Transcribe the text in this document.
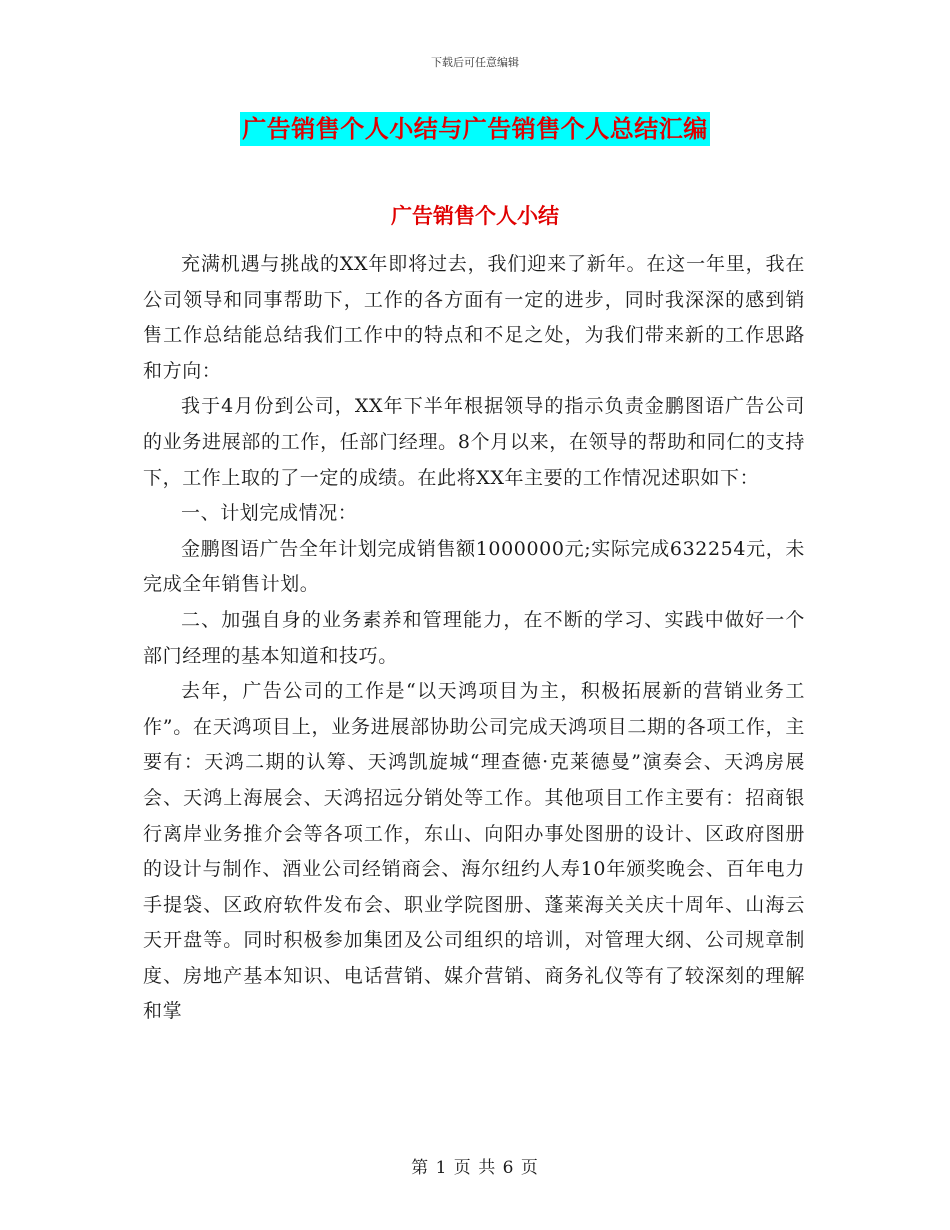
下载后可任意编辑
广告销售个人小结与广告销售个人总结汇编
广告销售个人小结

充满机遇与挑战的XX年即将过去，我们迎来了新年。在这一年里，我在公司领导和同事帮助下，工作的各方面有一定的进步，同时我深深的感到销售工作总结能总结我们工作中的特点和不足之处，为我们带来新的工作思路和方向：

我于4月份到公司，XX年下半年根据领导的指示负责金鹏图语广告公司的业务进展部的工作，任部门经理。8个月以来，在领导的帮助和同仁的支持下，工作上取的了一定的成绩。在此将XX年主要的工作情况述职如下：

一、计划完成情况：

金鹏图语广告全年计划完成销售额1000000元;实际完成632254元，未完成全年销售计划。

二、加强自身的业务素养和管理能力，在不断的学习、实践中做好一个部门经理的基本知道和技巧。

去年，广告公司的工作是“以天鸿项目为主，积极拓展新的营销业务工作”。在天鸿项目上，业务进展部协助公司完成天鸿项目二期的各项工作，主要有：天鸿二期的认筹、天鸿凯旋城“理查德·克莱德曼”演奏会、天鸿房展会、天鸿上海展会、天鸿招远分销处等工作。其他项目工作主要有：招商银行离岸业务推介会等各项工作，东山、向阳办事处图册的设计、区政府图册的设计与制作、酒业公司经销商会、海尔纽约人寿10年颁奖晚会、百年电力手提袋、区政府软件发布会、职业学院图册、蓬莱海关关庆十周年、山海云天开盘等。同时积极参加集团及公司组织的培训，对管理大纲、公司规章制度、房地产基本知识、电话营销、媒介营销、商务礼仪等有了较深刻的理解和掌

第 1 页 共 6 页
